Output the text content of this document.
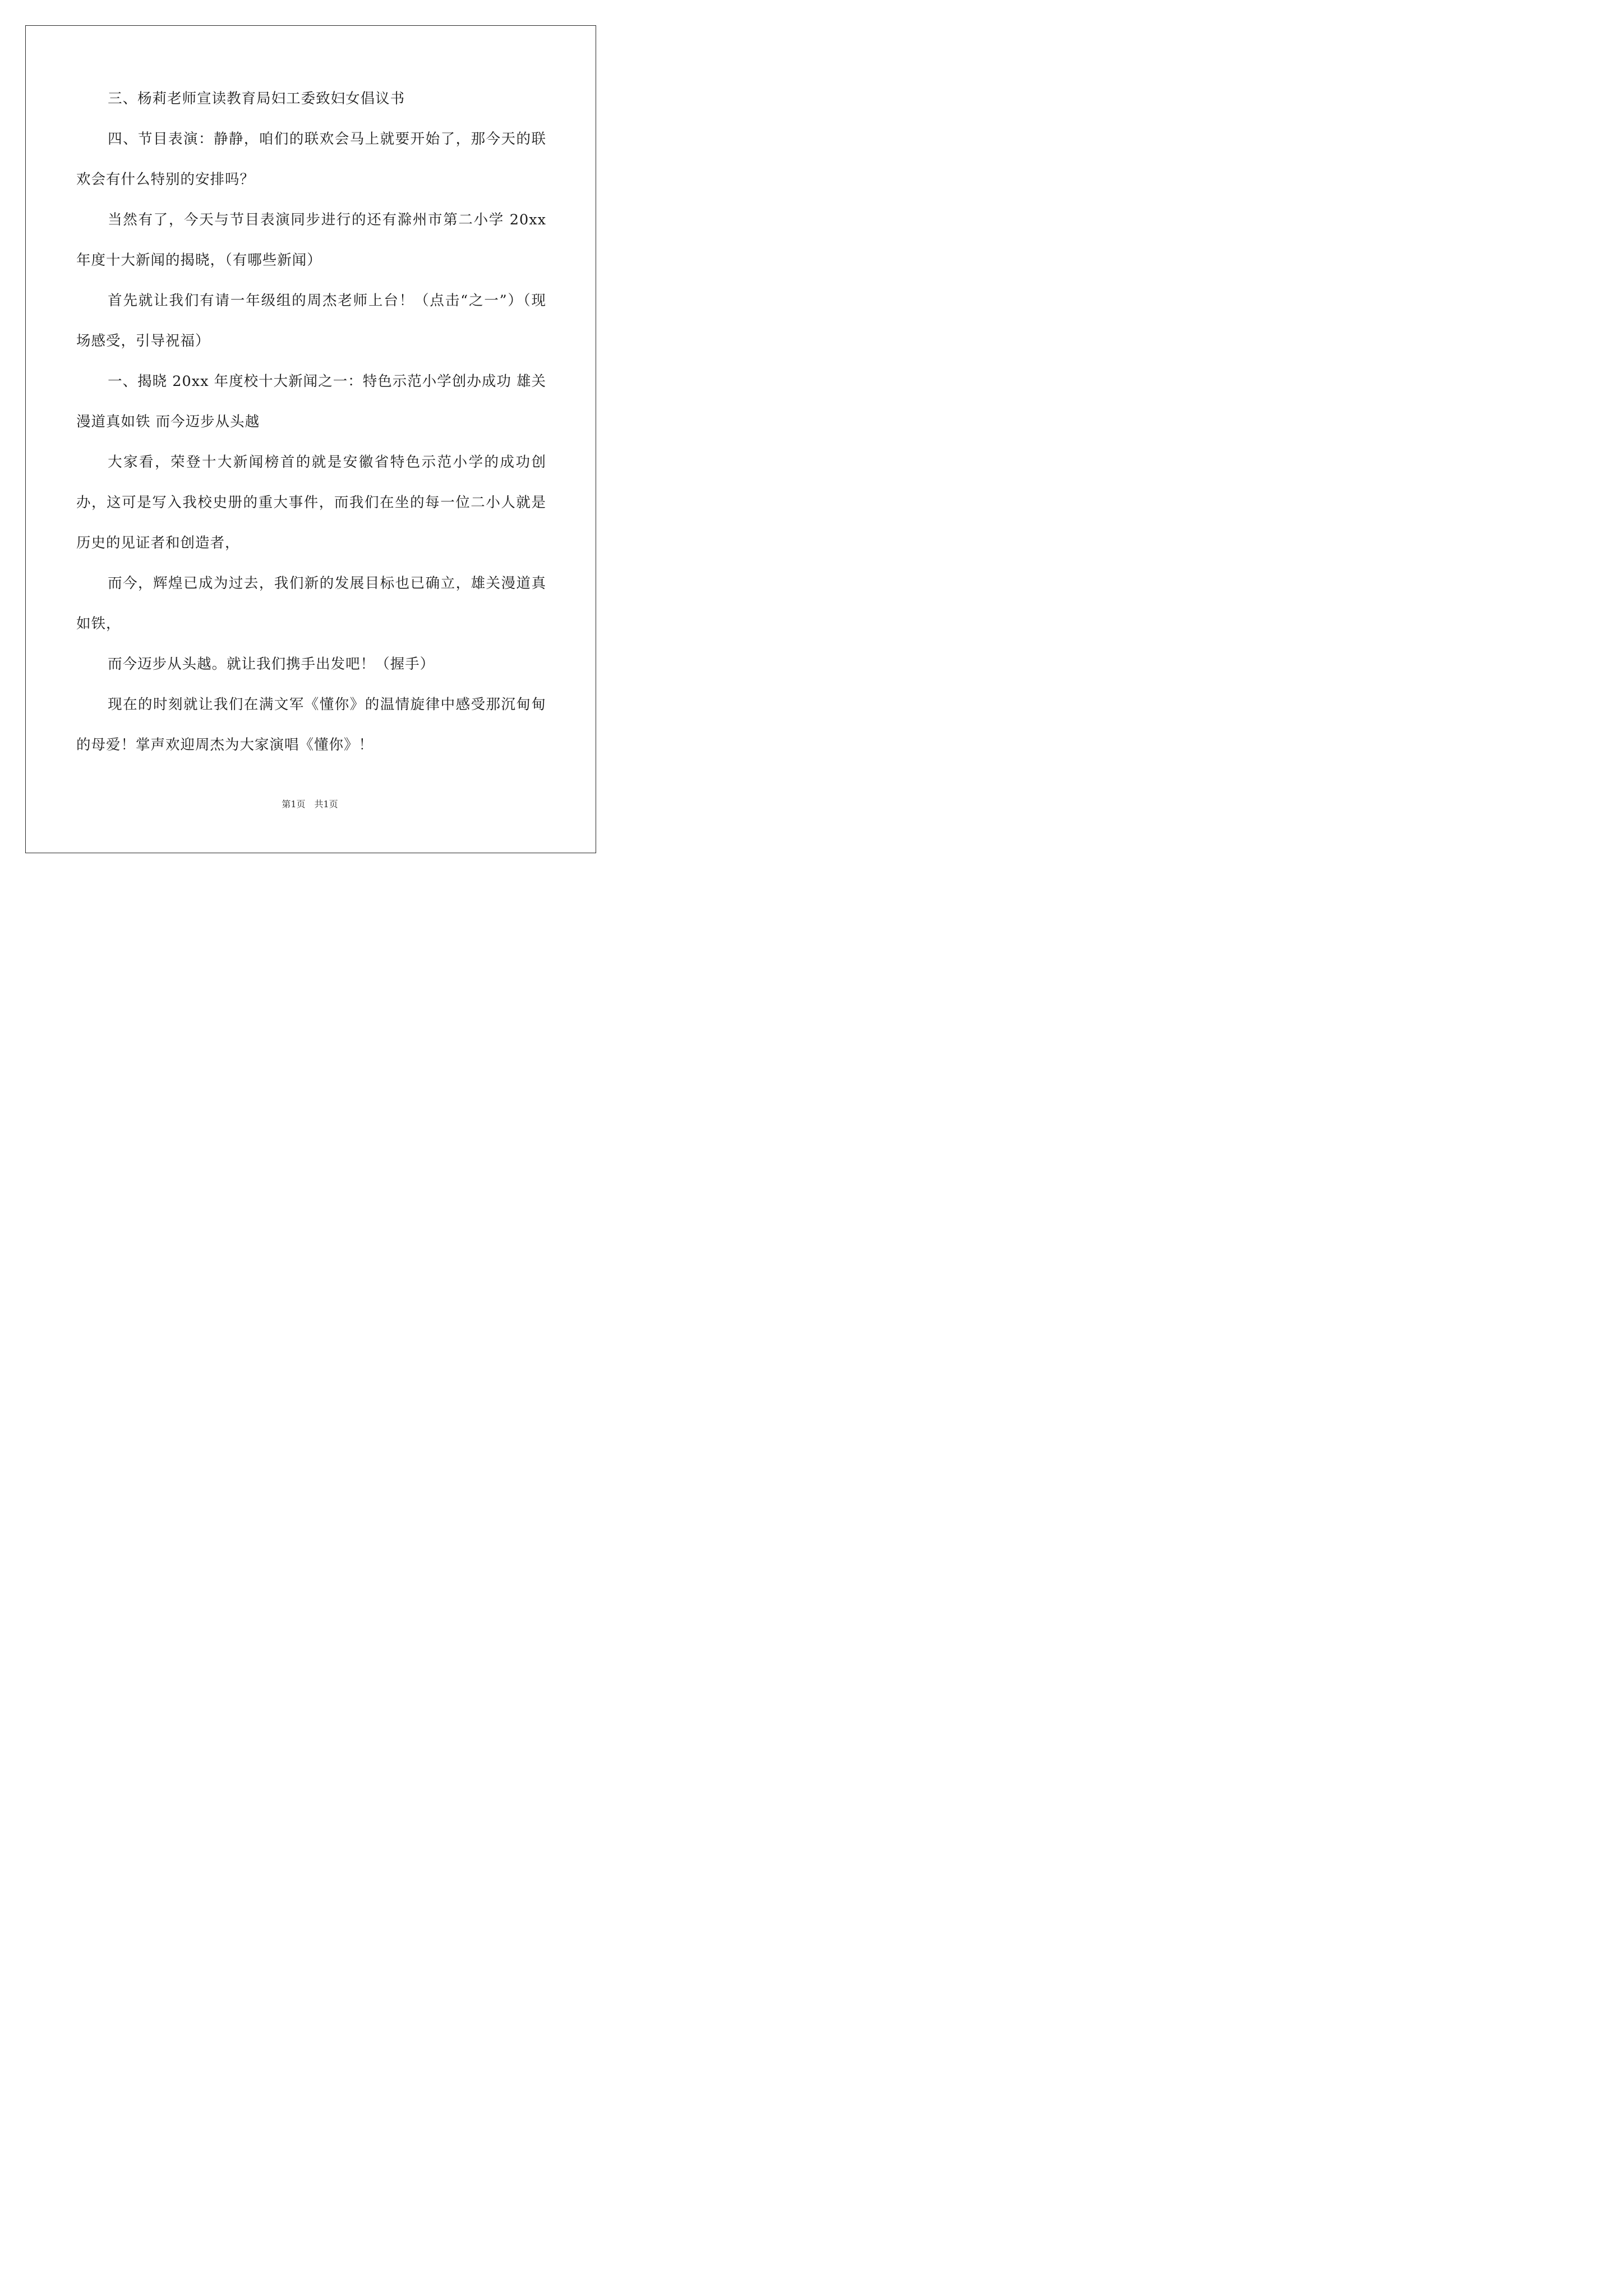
三、杨莉老师宣读教育局妇工委致妇女倡议书

四、节目表演：静静，咱们的联欢会马上就要开始了，那今天的联欢会有什么特别的安排吗？

当然有了，今天与节目表演同步进行的还有滁州市第二小学 20xx 年度十大新闻的揭晓，（有哪些新闻）

首先就让我们有请一年级组的周杰老师上台！（点击“之一”）（现场感受，引导祝福）

一、揭晓 20xx 年度校十大新闻之一：特色示范小学创办成功 雄关漫道真如铁 而今迈步从头越

大家看，荣登十大新闻榜首的就是安徽省特色示范小学的成功创办，这可是写入我校史册的重大事件，而我们在坐的每一位二小人就是历史的见证者和创造者，

而今，辉煌已成为过去，我们新的发展目标也已确立，雄关漫道真如铁，

而今迈步从头越。就让我们携手出发吧！（握手）

现在的时刻就让我们在满文军《懂你》的温情旋律中感受那沉甸甸的母爱！掌声欢迎周杰为大家演唱《懂你》！

第1页　共1页
